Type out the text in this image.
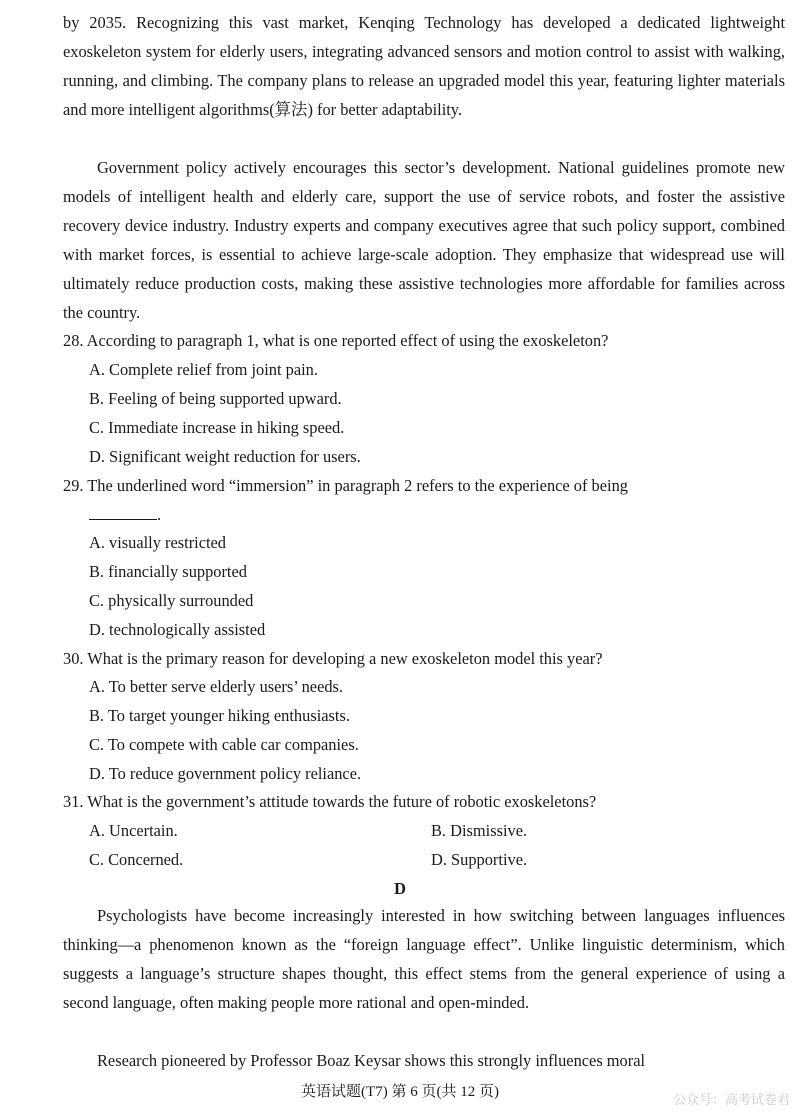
by 2035. Recognizing this vast market, Kenqing Technology has developed a dedicated lightweight exoskeleton system for elderly users, integrating advanced sensors and motion control to assist with walking, running, and climbing. The company plans to release an upgraded model this year, featuring lighter materials and more intelligent algorithms(算法) for better adaptability.
Government policy actively encourages this sector’s development. National guidelines promote new models of intelligent health and elderly care, support the use of service robots, and foster the assistive recovery device industry. Industry experts and company executives agree that such policy support, combined with market forces, is essential to achieve large-scale adoption. They emphasize that widespread use will ultimately reduce production costs, making these assistive technologies more affordable for families across the country.
28. According to paragraph 1, what is one reported effect of using the exoskeleton?
A. Complete relief from joint pain.
B. Feeling of being supported upward.
C. Immediate increase in hiking speed.
D. Significant weight reduction for users.
29. The underlined word “immersion” in paragraph 2 refers to the experience of being
.
A. visually restricted
B. financially supported
C. physically surrounded
D. technologically assisted
30. What is the primary reason for developing a new exoskeleton model this year?
A. To better serve elderly users’ needs.
B. To target younger hiking enthusiasts.
C. To compete with cable car companies.
D. To reduce government policy reliance.
31. What is the government’s attitude towards the future of robotic exoskeletons?
A. Uncertain.	B. Dismissive.
C. Concerned.	D. Supportive.
D
Psychologists have become increasingly interested in how switching between languages influences thinking—a phenomenon known as the “foreign language effect”. Unlike linguistic determinism, which suggests a language’s structure shapes thought, this effect stems from the general experience of using a second language, often making people more rational and open-minded.
Research pioneered by Professor Boaz Keysar shows this strongly influences moral
英语试题(T7) 第 6 页(共 12 页)
公众号：高考试卷君
